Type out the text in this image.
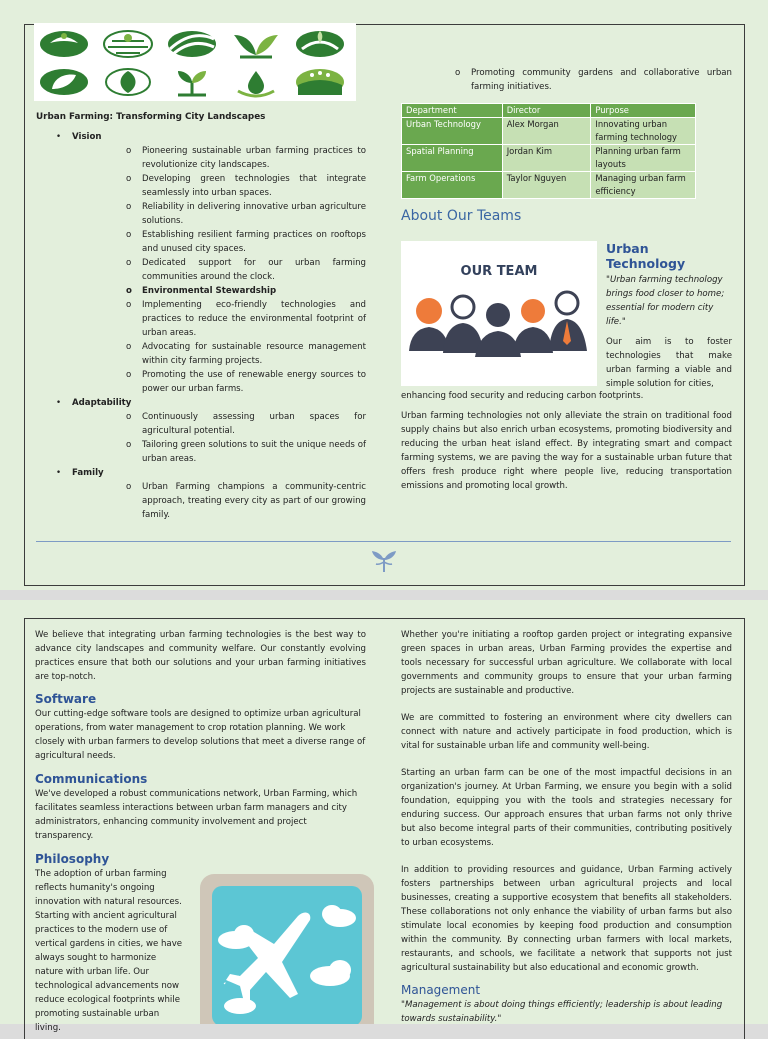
Urban Farming: Transforming City Landscapes
• Vision
o Pioneering sustainable urban farming practices to revolutionize city landscapes.
o Developing green technologies that integrate seamlessly into urban spaces.
o Reliability in delivering innovative urban agriculture solutions.
o Establishing resilient farming practices on rooftops and unused city spaces.
o Dedicated support for our urban farming communities around the clock.
o Environmental Stewardship
o Implementing eco-friendly technologies and practices to reduce the environmental footprint of urban areas.
o Advocating for sustainable resource management within city farming projects.
o Promoting the use of renewable energy sources to power our urban farms.
• Adaptability
o Continuously assessing urban spaces for agricultural potential.
o Tailoring green solutions to suit the unique needs of urban areas.
• Family
o Urban Farming champions a community-centric approach, treating every city as part of our growing family.
o Promoting community gardens and collaborative urban farming initiatives.
Department	Director	Purpose
Urban Technology	Alex Morgan	Innovating urban farming technology
Spatial Planning	Jordan Kim	Planning urban farm layouts
Farm Operations	Taylor Nguyen	Managing urban farm efficiency
About Our Teams
OUR TEAM
Urban Technology

"Urban farming technology brings food closer to home; essential for modern city life."

Our aim is to foster technologies that make urban farming a viable and simple solution for cities,

enhancing food security and reducing carbon footprints.

Urban farming technologies not only alleviate the strain on traditional food supply chains but also enrich urban ecosystems, promoting biodiversity and reducing the urban heat island effect. By integrating smart and compact farming systems, we are paving the way for a sustainable urban future that offers fresh produce right where people live, reducing transportation emissions and promoting local growth.

We believe that integrating urban farming technologies is the best way to advance city landscapes and community welfare. Our constantly evolving practices ensure that both our solutions and your urban farming initiatives are top-notch.

Software

Our cutting-edge software tools are designed to optimize urban agricultural operations, from water management to crop rotation planning. We work closely with urban farmers to develop solutions that meet a diverse range of agricultural needs.

Communications

We've developed a robust communications network, Urban Farming, which facilitates seamless interactions between urban farm managers and city administrators, enhancing community involvement and project transparency.

Philosophy

The adoption of urban farming reflects humanity's ongoing innovation with natural resources. Starting with ancient agricultural practices to the modern use of vertical gardens in cities, we have always sought to harmonize nature with urban life. Our technological advancements now reduce ecological footprints while promoting sustainable urban living.

Whether you're initiating a rooftop garden project or integrating expansive green spaces in urban areas, Urban Farming provides the expertise and tools necessary for successful urban agriculture. We collaborate with local governments and community groups to ensure that your urban farming projects are sustainable and productive.

We are committed to fostering an environment where city dwellers can connect with nature and actively participate in food production, which is vital for sustainable urban life and community well-being.

Starting an urban farm can be one of the most impactful decisions in an organization's journey. At Urban Farming, we ensure you begin with a solid foundation, equipping you with the tools and strategies necessary for enduring success. Our approach ensures that urban farms not only thrive but also become integral parts of their communities, contributing positively to urban ecosystems.

In addition to providing resources and guidance, Urban Farming actively fosters partnerships between urban agricultural projects and local businesses, creating a supportive ecosystem that benefits all stakeholders. These collaborations not only enhance the viability of urban farms but also stimulate local economies by keeping food production and consumption within the community. By connecting urban farmers with local markets, restaurants, and schools, we facilitate a network that supports not just agricultural sustainability but also educational and economic growth.

Management

"Management is about doing things efficiently; leadership is about leading towards sustainability."
